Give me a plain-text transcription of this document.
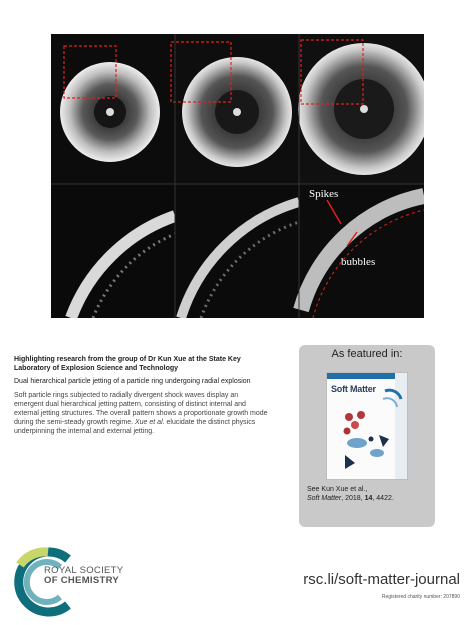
Spikes
bubbles

Highlighting research from the group of Dr Kun Xue at the State Key Laboratory of Explosion Science and Technology

Dual hierarchical particle jetting of a particle ring undergoing radial explosion

Soft particle rings subjected to radially divergent shock waves display an emergent dual hierarchical jetting pattern, consisting of distinct internal and external jetting structures. The overall pattern shows a proportionate growth mode during the semi-steady growth regime. Xue et al. elucidate the distinct physics underpinning the internal and external jetting.

As featured in:
Soft Matter
See Kun Xue et al.,
Soft Matter, 2018, 14, 4422.
ROYAL SOCIETY
OF CHEMISTRY	rsc.li/soft-matter-journal
Registered charity number: 207890
